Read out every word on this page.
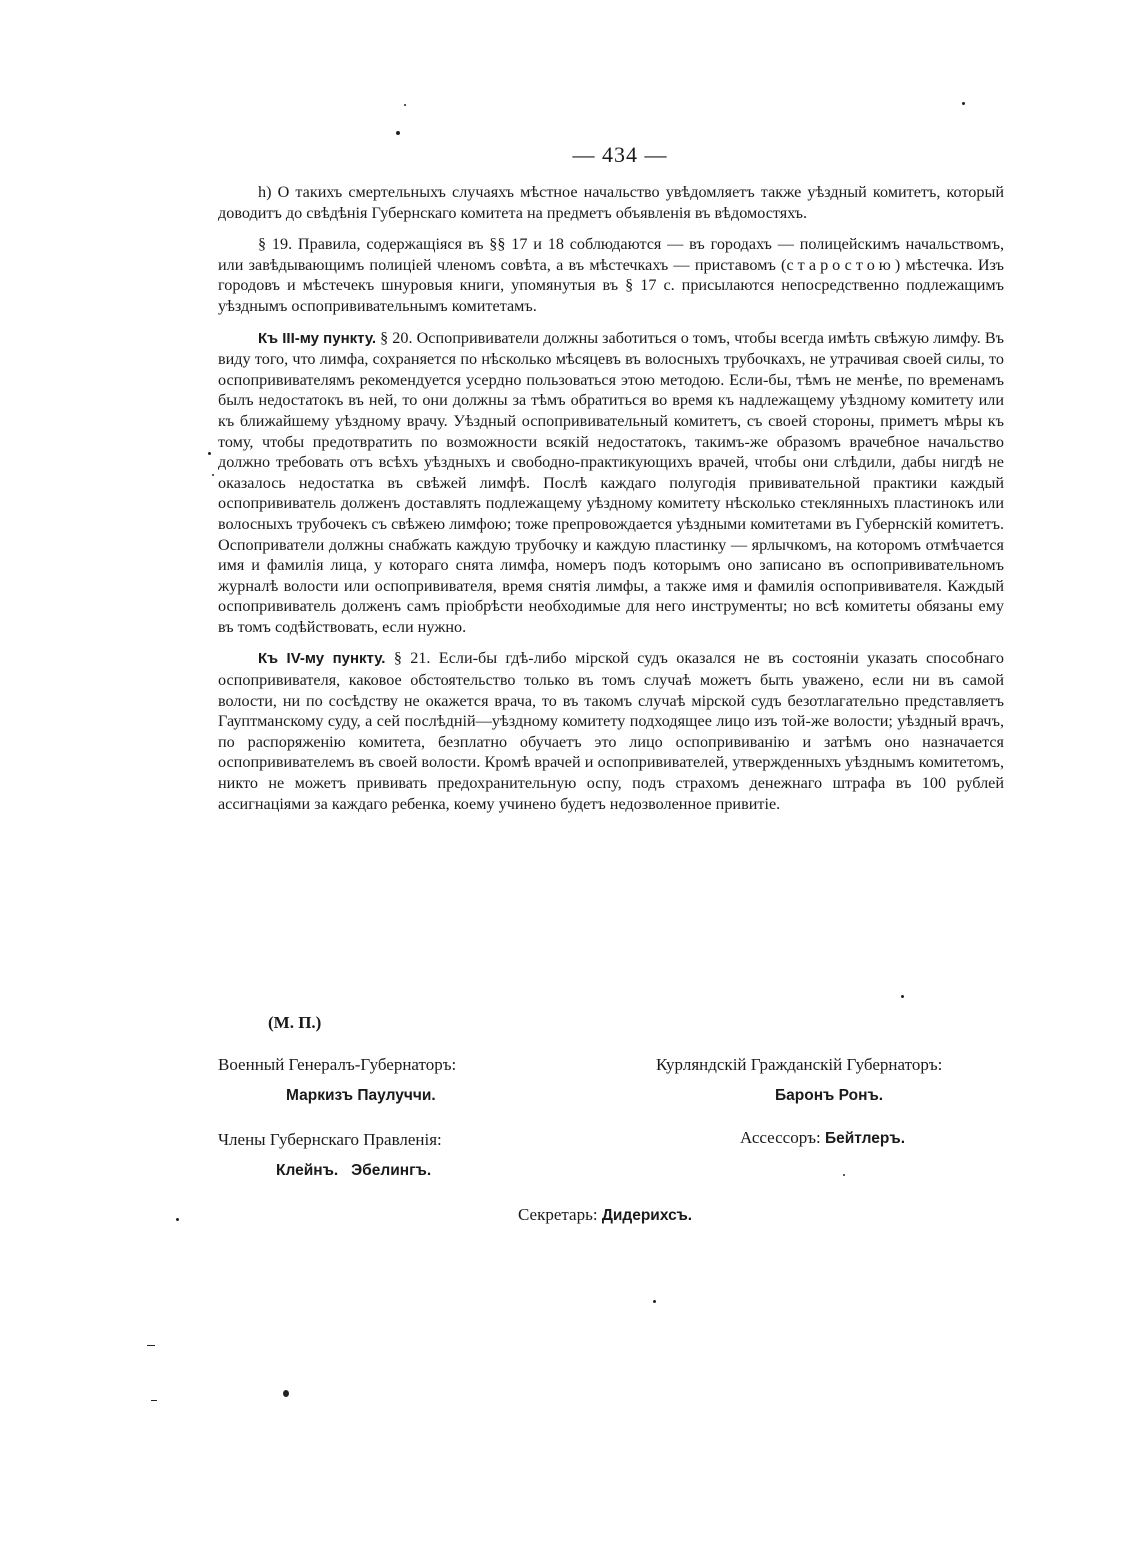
— 434 —

h) О такихъ смертельныхъ случаяхъ мѣстное начальство увѣдомляетъ также уѣздный комитетъ, который доводитъ до свѣдѣнія Губернскаго комитета на предметъ объявленія въ вѣдомостяхъ.

§ 19. Правила, содержащіяся въ §§ 17 и 18 соблюдаются — въ городахъ — полицейскимъ начальствомъ, или завѣдывающимъ полиціей членомъ совѣта, а въ мѣстечкахъ — приставомъ (старостою) мѣстечка. Изъ городовъ и мѣстечекъ шнуровыя книги, упомянутыя въ § 17 с. присылаются непосредственно подлежащимъ уѣзднымъ оспопрививательнымъ комитетамъ.

Къ III-му пункту. § 20. Оспопрививатели должны заботиться о томъ, чтобы всегда имѣть свѣжую лимфу. Въ виду того, что лимфа, сохраняется по нѣсколько мѣсяцевъ въ волосныхъ трубочкахъ, не утрачивая своей силы, то оспопрививателямъ рекомендуется усердно пользоваться этою методою. Если-бы, тѣмъ не менѣе, по временамъ былъ недостатокъ въ ней, то они должны за тѣмъ обратиться во время къ надлежащему уѣздному комитету или къ ближайшему уѣздному врачу. Уѣздный оспопрививательный комитетъ, съ своей стороны, приметъ мѣры къ тому, чтобы предотвратить по возможности всякій недостатокъ, такимъ-же образомъ врачебное начальство должно требовать отъ всѣхъ уѣздныхъ и свободно-практикующихъ врачей, чтобы они слѣдили, дабы нигдѣ не оказалось недостатка въ свѣжей лимфѣ. Послѣ каждаго полугодія прививательной практики каждый оспопрививатель долженъ доставлять подлежащему уѣздному комитету нѣсколько стеклянныхъ пластинокъ или волосныхъ трубочекъ съ свѣжею лимфою; тоже препровождается уѣздными комитетами въ Губернскій комитетъ. Оспоприватели должны снабжать каждую трубочку и каждую пластинку — ярлычкомъ, на которомъ отмѣчается имя и фамилія лица, у котораго снята лимфа, номеръ подъ которымъ оно записано въ оспопрививательномъ журналѣ волости или оспопрививателя, время снятія лимфы, а также имя и фамилія оспопрививателя. Каждый оспопрививатель долженъ самъ пріобрѣсти необходимые для него инструменты; но всѣ комитеты обязаны ему въ томъ содѣйствовать, если нужно.

Къ IV-му пункту. § 21. Если-бы гдѣ-либо мірской судъ оказался не въ состояніи указать способнаго оспопрививателя, каковое обстоятельство только въ томъ случаѣ можетъ быть уважено, если ни въ самой волости, ни по сосѣдству не окажется врача, то въ такомъ случаѣ мірской судъ безотлагательно представляетъ Гауптманскому суду, а сей послѣдній—уѣздному комитету подходящее лицо изъ той-же волости; уѣздный врачъ, по распоряженію комитета, безплатно обучаетъ это лицо оспопрививанію и затѣмъ оно назначается оспопрививателемъ въ своей волости. Кромѣ врачей и оспопрививателей, утвержденныхъ уѣзднымъ комитетомъ, никто не можетъ прививать предохранительную оспу, подъ страхомъ денежнаго штрафа въ 100 рублей ассигнаціями за каждаго ребенка, коему учинено будетъ недозволенное привитіе.

(М. П.)
Военный Генералъ-Губернаторъ:
Маркизъ Паулуччи.
Курляндскій Гражданскій Губернаторъ:
Баронъ Ронъ.
Члены Губернскаго Правленія:
Клейнъ.   Эбелингъ.
Ассессоръ: Бейтлеръ.
Секретарь: Дидерихсъ.
